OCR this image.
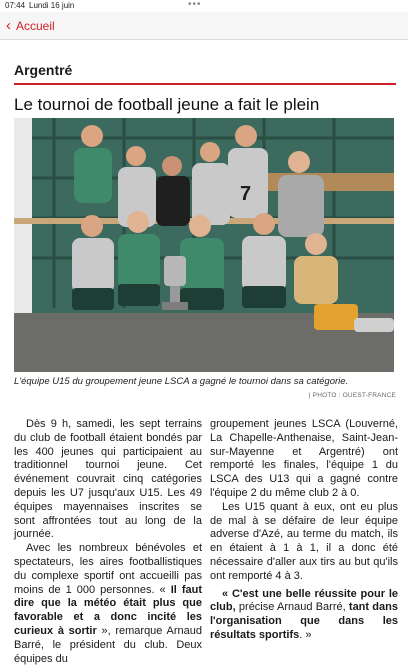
07:44 Lundi 16 juin	•••
‹ Accueil
Argentré
Le tournoi de football jeune a fait le plein
7
L'équipe U15 du groupement jeune LSCA a gagné le tournoi dans sa catégorie.
| PHOTO : OUEST-FRANCE

Dès 9 h, samedi, les sept terrains du club de football étaient bondés par les 400 jeunes qui participaient au traditionnel tournoi jeune. Cet événement couvrait cinq catégories depuis les U7 jusqu'aux U15. Les 49 équipes mayennaises inscrites se sont affrontées tout au long de la journée.

Avec les nombreux bénévoles et spectateurs, les aires footballistiques du complexe sportif ont accueilli pas moins de 1 000 personnes. « Il faut dire que la météo était plus que favorable et a donc incité les curieux à sortir », remarque Arnaud Barré, le président du club. Deux équipes du

groupement jeunes LSCA (Louverné, La Chapelle-Anthenaise, Saint-Jean-sur-Mayenne et Argentré) ont remporté les finales, l'équipe 1 du LSCA des U13 qui a gagné contre l'équipe 2 du même club 2 à 0.

Les U15 quant à eux, ont eu plus de mal à se défaire de leur équipe adverse d'Azé, au terme du match, ils en étaient à 1 à 1, il a donc été nécessaire d'aller aux tirs au but qu'ils ont remporté 4 à 3.

« C'est une belle réussite pour le club, précise Arnaud Barré, tant dans l'organisation que dans les résultats sportifs. »
